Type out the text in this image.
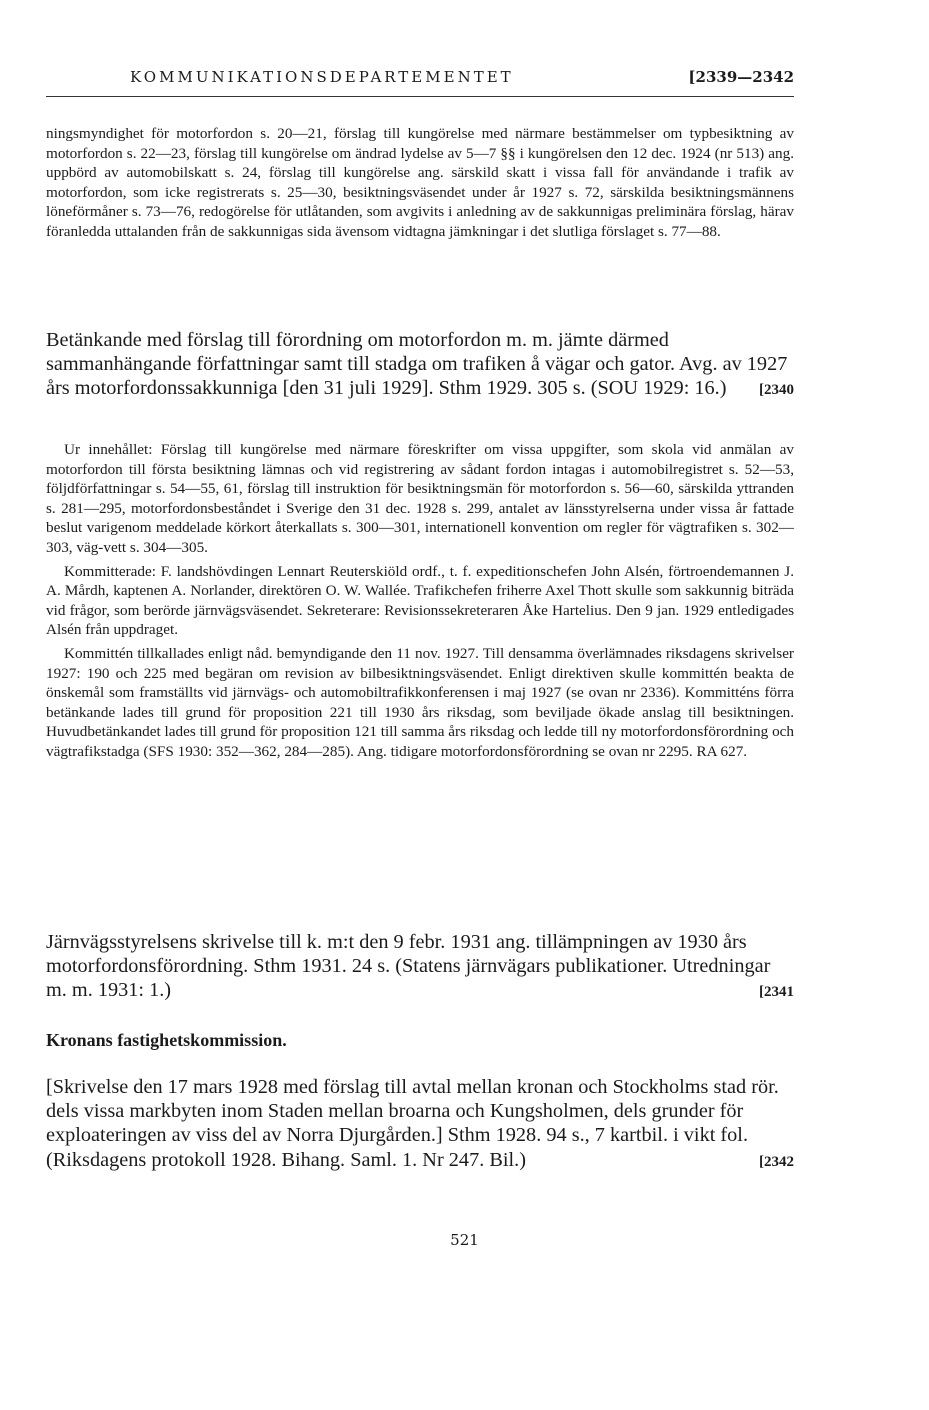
KOMMUNIKATIONSDEPARTEMENTET	[2339—2342

ningsmyndighet för motorfordon s. 20—21, förslag till kungörelse med närmare bestämmelser om typbesiktning av motorfordon s. 22—23, förslag till kungörelse om ändrad lydelse av 5—7 §§ i kungörelsen den 12 dec. 1924 (nr 513) ang. uppbörd av automobilskatt s. 24, förslag till kungörelse ang. särskild skatt i vissa fall för användande i trafik av motorfordon, som icke registrerats s. 25—30, besiktningsväsendet under år 1927 s. 72, särskilda besiktningsmännens löneförmåner s. 73—76, redogörelse för utlåtanden, som avgivits i anledning av de sakkunnigas preliminära förslag, härav föranledda uttalanden från de sakkunnigas sida ävensom vidtagna jämkningar i det slutliga förslaget s. 77—88.

Betänkande med förslag till förordning om motorfordon m. m. jämte därmed sammanhängande författningar samt till stadga om trafiken å vägar och gator. Avg. av 1927 års motorfordonssakkunniga [den 31 juli 1929]. Sthm 1929. 305 s. (SOU 1929: 16.) [2340

Ur innehållet: Förslag till kungörelse med närmare föreskrifter om vissa uppgifter, som skola vid anmälan av motorfordon till första besiktning lämnas och vid registrering av sådant fordon intagas i automobilregistret s. 52—53, följdförfattningar s. 54—55, 61, förslag till instruktion för besiktningsmän för motorfordon s. 56—60, särskilda yttranden s. 281—295, motorfordonsbeståndet i Sverige den 31 dec. 1928 s. 299, antalet av länsstyrelserna under vissa år fattade beslut varigenom meddelade körkort återkallats s. 300—301, internationell konvention om regler för vägtrafiken s. 302—303, väg-vett s. 304—305.

Kommitterade: F. landshövdingen Lennart Reuterskiöld ordf., t. f. expeditionschefen John Alsén, förtroendemannen J. A. Mårdh, kaptenen A. Norlander, direktören O. W. Wallée. Trafikchefen friherre Axel Thott skulle som sakkunnig biträda vid frågor, som berörde järnvägsväsendet. Sekreterare: Revisionssekreteraren Åke Hartelius. Den 9 jan. 1929 entledigades Alsén från uppdraget.

Kommittén tillkallades enligt nåd. bemyndigande den 11 nov. 1927. Till densamma överlämnades riksdagens skrivelser 1927: 190 och 225 med begäran om revision av bilbesiktningsväsendet. Enligt direktiven skulle kommittén beakta de önskemål som framställts vid järnvägs- och automobiltrafikkonferensen i maj 1927 (se ovan nr 2336). Kommitténs förra betänkande lades till grund för proposition 221 till 1930 års riksdag, som beviljade ökade anslag till besiktningen. Huvudbetänkandet lades till grund för proposition 121 till samma års riksdag och ledde till ny motorfordonsförordning och vägtrafikstadga (SFS 1930: 352—362, 284—285). Ang. tidigare motorfordonsförordning se ovan nr 2295. RA 627.

Järnvägsstyrelsens skrivelse till k. m:t den 9 febr. 1931 ang. tillämpningen av 1930 års motorfordonsförordning. Sthm 1931. 24 s. (Statens järnvägars publikationer. Utredningar m. m. 1931: 1.)	[2341
Kronans fastighetskommission.
[Skrivelse den 17 mars 1928 med förslag till avtal mellan kronan och Stockholms stad rör. dels vissa markbyten inom Staden mellan broarna och Kungsholmen, dels grunder för exploateringen av viss del av Norra Djurgården.] Sthm 1928. 94 s., 7 kartbil. i vikt fol. (Riksdagens protokoll 1928. Bihang. Saml. 1. Nr 247. Bil.)	[2342
521
